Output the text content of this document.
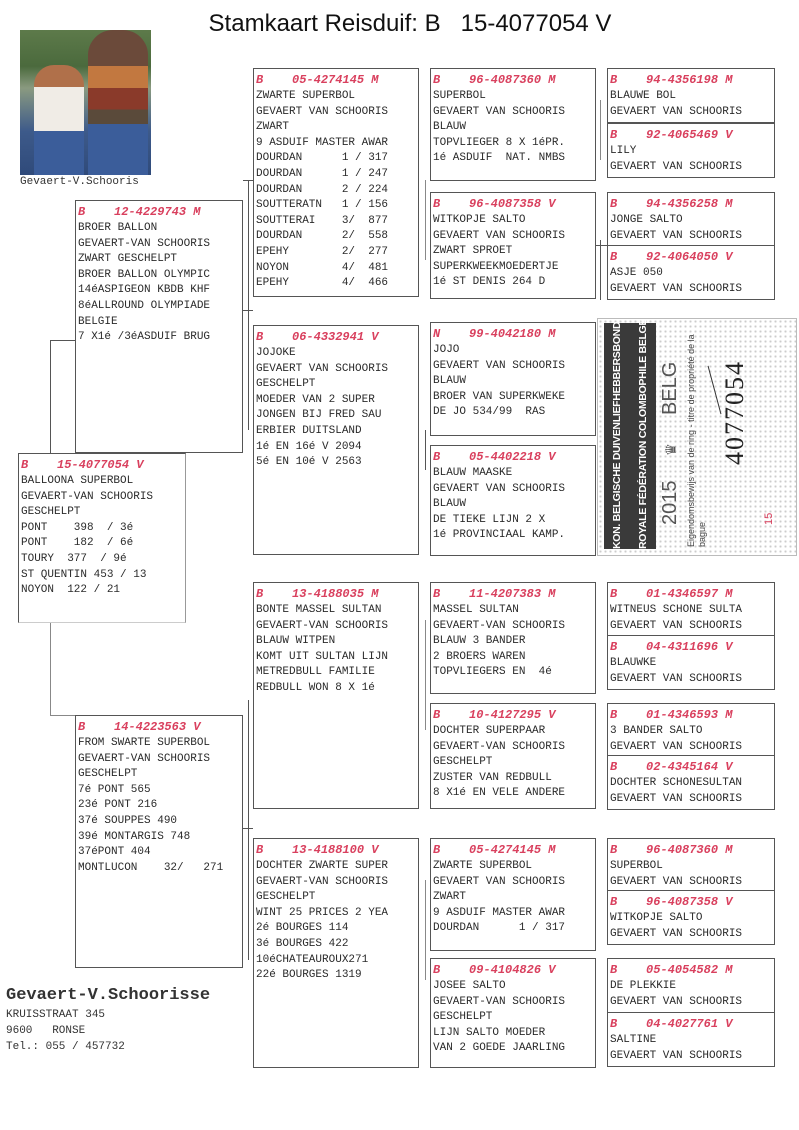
Stamkaart Reisduif: B   15-4077054 V
Gevaert-V.Schooris
B 15-4077054 V
BALLOONA SUPERBOL
GEVAERT-VAN SCHOORIS
GESCHELPT
PONT    398  / 3é
PONT    182  / 6é
TOURY  377  / 9é
ST QUENTIN 453 / 13
NOYON  122 / 21
B 12-4229743 M
BROER BALLON
GEVAERT-VAN SCHOORIS
ZWART GESCHELPT
BROER BALLON OLYMPIC
14éASPIGEON KBDB KHF
8éALLROUND OLYMPIADE
BELGIE
7 X1é /3éASDUIF BRUG
B 14-4223563 V
FROM SWARTE SUPERBOL
GEVAERT-VAN SCHOORIS
GESCHELPT
7é PONT 565
23é PONT 216
37é SOUPPES 490
39é MONTARGIS 748
37éPONT 404
MONTLUCON    32/   271
B 05-4274145 M
ZWARTE SUPERBOL
GEVAERT VAN SCHOORIS
ZWART
9 ASDUIF MASTER AWAR
DOURDAN      1 / 317
DOURDAN      1 / 247
DOURDAN      2 / 224
SOUTTERATN   1 / 156
SOUTTERAI    3/  877
DOURDAN      2/  558
EPEHY        2/  277
NOYON        4/  481
EPEHY        4/  466
B 06-4332941 V
JOJOKE
GEVAERT VAN SCHOORIS
GESCHELPT
MOEDER VAN 2 SUPER
JONGEN BIJ FRED SAU
ERBIER DUITSLAND
1é EN 16é V 2094
5é EN 10é V 2563
B 13-4188035 M
BONTE MASSEL SULTAN
GEVAERT-VAN SCHOORIS
BLAUW WITPEN
KOMT UIT SULTAN LIJN
METREDBULL FAMILIE
REDBULL WON 8 X 1é
B 13-4188100 V
DOCHTER ZWARTE SUPER
GEVAERT-VAN SCHOORIS
GESCHELPT
WINT 25 PRICES 2 YEA
2é BOURGES 114
3é BOURGES 422
10éCHATEAUROUX271
22é BOURGES 1319
B 96-4087360 M
SUPERBOL
GEVAERT VAN SCHOORIS
BLAUW
TOPVLIEGER 8 X 1éPR.
1é ASDUIF  NAT. NMBS
B 96-4087358 V
WITKOPJE SALTO
GEVAERT VAN SCHOORIS
ZWART SPROET
SUPERKWEEKMOEDERTJE
1é ST DENIS 264 D
N 99-4042180 M
JOJO
GEVAERT VAN SCHOORIS
BLAUW
BROER VAN SUPERKWEKE
DE JO 534/99  RAS
B 05-4402218 V
BLAUW MAASKE
GEVAERT VAN SCHOORIS
BLAUW
DE TIEKE LIJN 2 X
1é PROVINCIAAL KAMP.
B 11-4207383 M
MASSEL SULTAN
GEVAERT-VAN SCHOORIS
BLAUW 3 BANDER
2 BROERS WAREN
TOPVLIEGERS EN  4é
B 10-4127295 V
DOCHTER SUPERPAAR
GEVAERT-VAN SCHOORIS
GESCHELPT
ZUSTER VAN REDBULL
8 X1é EN VELE ANDERE
B 05-4274145 M
ZWARTE SUPERBOL
GEVAERT VAN SCHOORIS
ZWART
9 ASDUIF MASTER AWAR
DOURDAN      1 / 317
B 09-4104826 V
JOSEE SALTO
GEVAERT-VAN SCHOORIS
GESCHELPT
LIJN SALTO MOEDER
VAN 2 GOEDE JAARLING
B 94-4356198 M
BLAUWE BOL
GEVAERT VAN SCHOORIS
B 92-4065469 V
LILY
GEVAERT VAN SCHOORIS
B 94-4356258 M
JONGE SALTO
GEVAERT VAN SCHOORIS
B 92-4064050 V
ASJE 050
GEVAERT VAN SCHOORIS
B 01-4346597 M
WITNEUS SCHONE SULTA
GEVAERT VAN SCHOORIS
B 04-4311696 V
BLAUWKE
GEVAERT VAN SCHOORIS
B 01-4346593 M
3 BANDER SALTO
GEVAERT VAN SCHOORIS
B 02-4345164 V
DOCHTER SCHONESULTAN
GEVAERT VAN SCHOORIS
B 96-4087360 M
SUPERBOL
GEVAERT VAN SCHOORIS
B 96-4087358 V
WITKOPJE SALTO
GEVAERT VAN SCHOORIS
B 05-4054582 M
DE PLEKKIE
GEVAERT VAN SCHOORIS
B 04-4027761 V
SALTINE
GEVAERT VAN SCHOORIS
KON. BELGISCHE DUIVENLIEFHEBBERSBOND	ROYALE FÉDÉRATION COLOMBOPHILE BELGE 2015
♛
BELG Eigendomsbewijs van de ring - titre de propriété de la bague
4077054
15
Gevaert-V.Schoorisse
KRUISSTRAAT 345
9600   RONSE
Tel.: 055 / 457732
